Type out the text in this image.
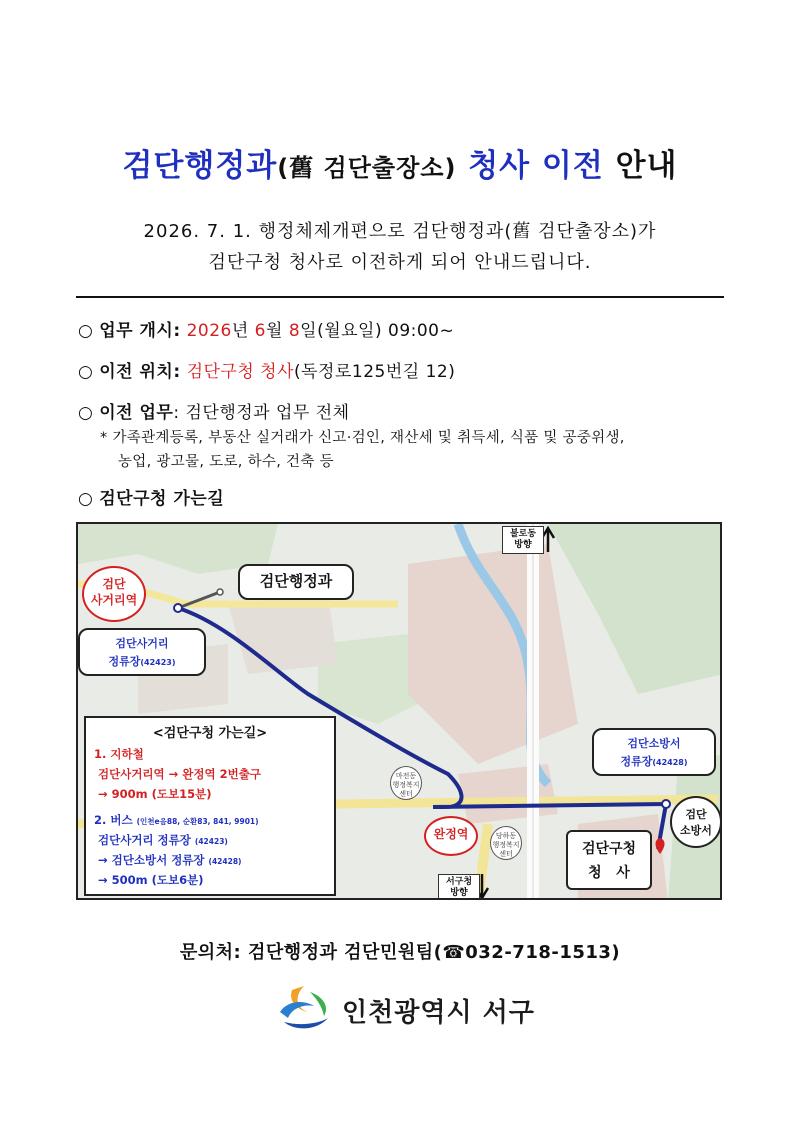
검단행정과(舊 검단출장소) 청사 이전 안내
2026. 7. 1. 행정체제개편으로 검단행정과(舊 검단출장소)가
검단구청 청사로 이전하게 되어 안내드립니다.
○ 업무 개시: 2026년 6월 8일(월요일) 09:00~
○ 이전 위치: 검단구청 청사(독정로125번길 12)
○ 이전 업무: 검단행정과 업무 전체
* 가족관계등록, 부동산 실거래가 신고·검인, 재산세 및 취득세, 식품 및 공중위생,
농업, 광고물, 도로, 하수, 건축 등
○ 검단구청 가는길
불로동
방향
서구청
방향
검단
사거리역
검단행정과
검단사거리
정류장(42423)
검단소방서
정류장(42428)
검단
소방서
완정역
마전동
행정복지
센터
당하동
행정복지
센터	검단구청
청   사
<검단구청 가는길>
1. 지하철
검단사거리역 → 완정역 2번출구
→ 900m (도보15분)
2. 버스 (인천e음88, 순환83, 841, 9901)
검단사거리 정류장 (42423)
→ 검단소방서 정류장 (42428)
→ 500m (도보6분)
문의처: 검단행정과 검단민원팀(☎032-718-1513)
인천광역시 서구
